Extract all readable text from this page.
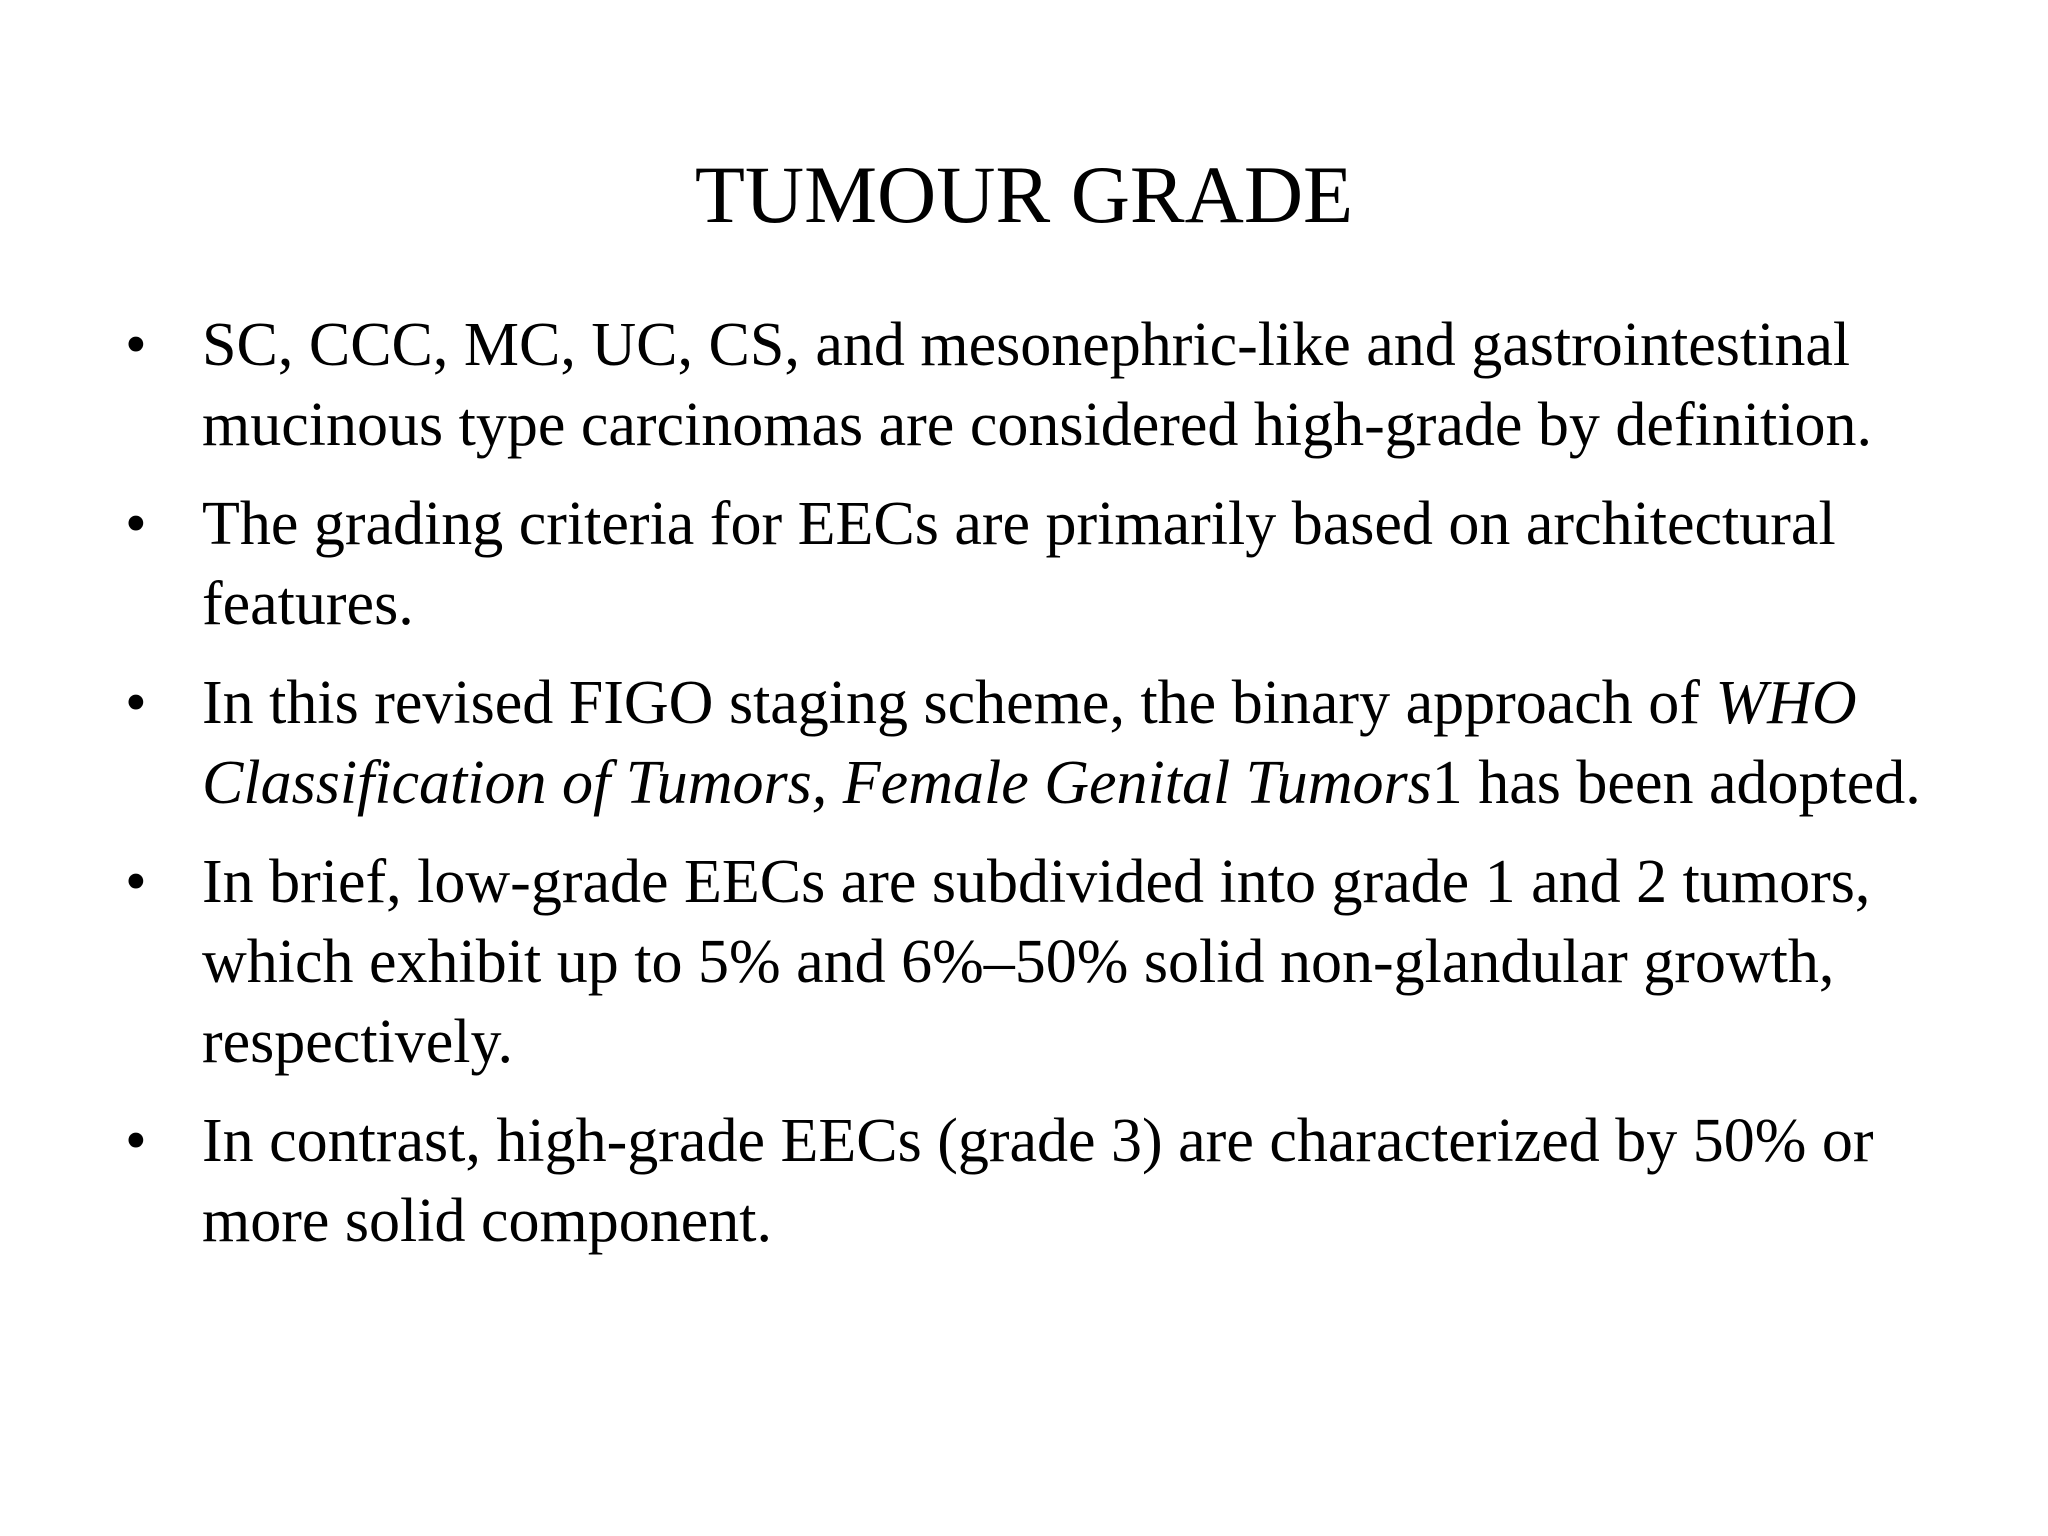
TUMOUR GRADE
• SC, CCC, MC, UC, CS, and mesonephric-like and gastrointestinal mucinous type carcinomas are considered high-grade by definition.
• The grading criteria for EECs are primarily based on architectural features.
• In this revised FIGO staging scheme, the binary approach of WHO Classification of Tumors, Female Genital Tumors1 has been adopted.
• In brief, low-grade EECs are subdivided into grade 1 and 2 tumors, which exhibit up to 5% and 6%–50% solid non-glandular growth, respectively.
• In contrast, high-grade EECs (grade 3) are characterized by 50% or more solid component.
